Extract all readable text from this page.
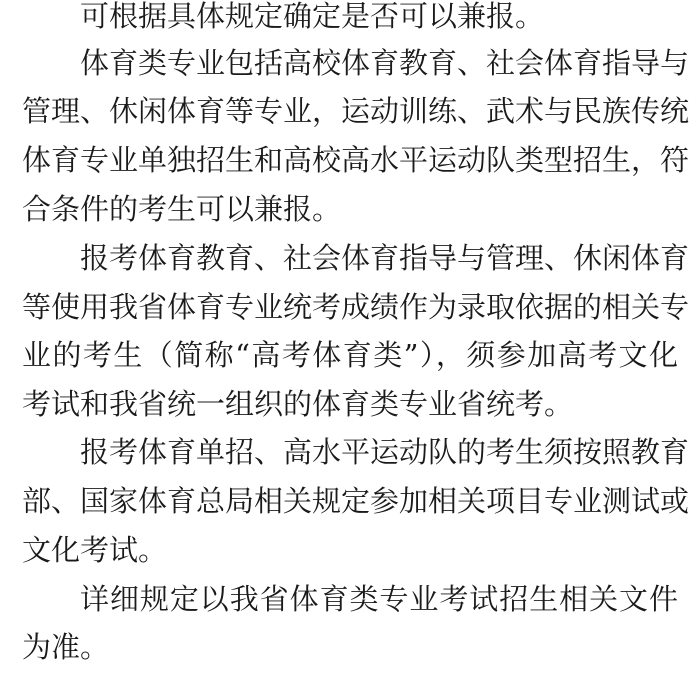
可根据具体规定确定是否可以兼报。
体育类专业包括高校体育教育、社会体育指导与
管理、休闲体育等专业，运动训练、武术与民族传统
体育专业单独招生和高校高水平运动队类型招生，符
合条件的考生可以兼报。
报考体育教育、社会体育指导与管理、休闲体育
等使用我省体育专业统考成绩作为录取依据的相关专
业的考生（简称“高考体育类”），须参加高考文化
考试和我省统一组织的体育类专业省统考。
报考体育单招、高水平运动队的考生须按照教育
部、国家体育总局相关规定参加相关项目专业测试或
文化考试。
详细规定以我省体育类专业考试招生相关文件
为准。
